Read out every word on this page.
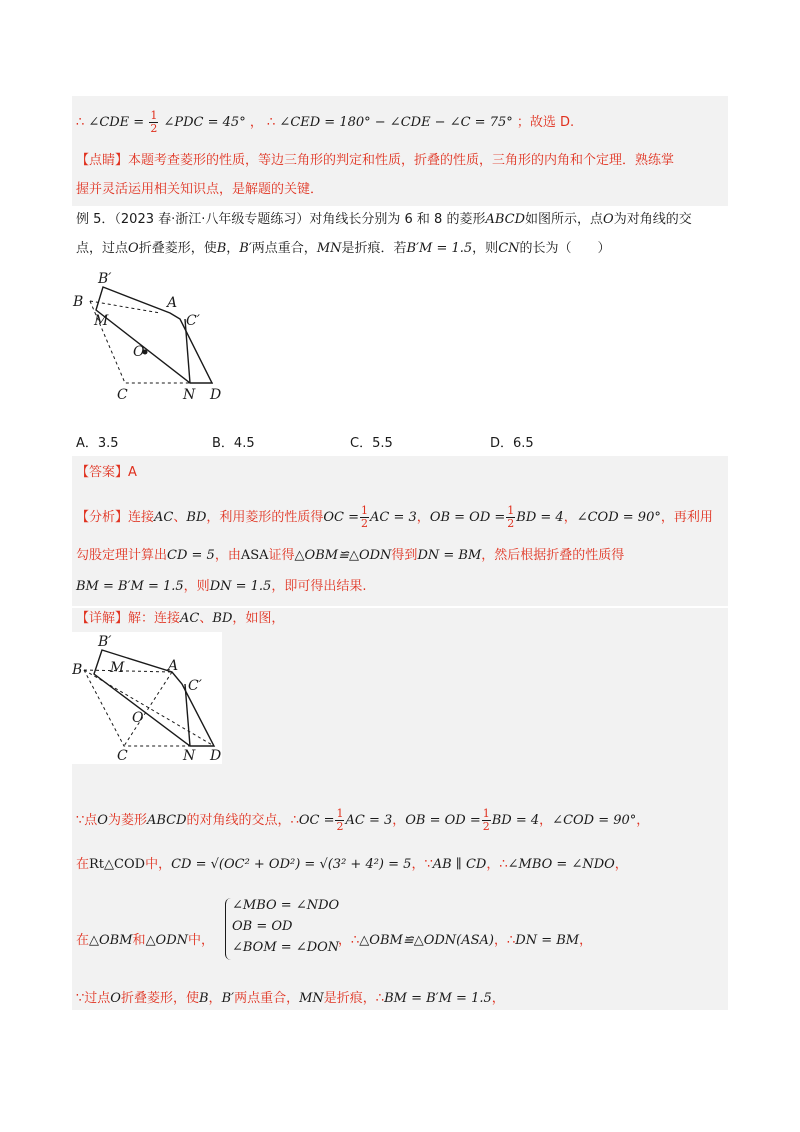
∴ ∠CDE = $\frac{1}{2}$ ∠PDC = 45° ， ∴ ∠CED = 180° − ∠CDE − ∠C = 75° ；故选 D.
【点睛】本题考查菱形的性质，等边三角形的判定和性质，折叠的性质，三角形的内角和个定理．熟练掌
握并灵活运用相关知识点，是解题的关键．
例 5．（2023 春·浙江·八年级专题练习）对角线长分别为 6 和 8 的菱形ABCD如图所示，点O为对角线的交
点，过点O折叠菱形，使B，B′两点重合，MN是折痕．若B′M = 1.5，则CN的长为（　　）
B′
B
M
A
C′
O
C	N D
A．3.5	B．4.5	C．5.5	D．6.5
【答案】A
【分析】连接AC、BD，利用菱形的性质得OC = $\frac{1}{2}$ AC = 3，OB = OD = $\frac{1}{2}$ BD = 4，∠COD = 90°，再利用
勾股定理计算出CD = 5，由ASA证得△OBM≌△ODN得到DN = BM，然后根据折叠的性质得
BM = B′M = 1.5，则DN = 1.5，即可得出结果.
【详解】解：连接AC、BD，如图，
B′
B M	A
C′
O
C	N D
∵点O为菱形ABCD的对角线的交点，∴OC = $\frac{1}{2}$ AC = 3，OB = OD = $\frac{1}{2}$ BD = 4，∠COD = 90°，
在Rt△COD中，CD = √(OC² + OD²) = √(3² + 4²) = 5，∵AB ∥ CD，∴∠MBO = ∠NDO，
在△OBM和△ODN中，
∠MBO = ∠NDO
OB = OD
∠BOM = ∠DON
，∴△OBM≌△ODN(ASA)，∴DN = BM，
∵过点O折叠菱形，使B，B′两点重合，MN是折痕，∴BM = B′M = 1.5，
